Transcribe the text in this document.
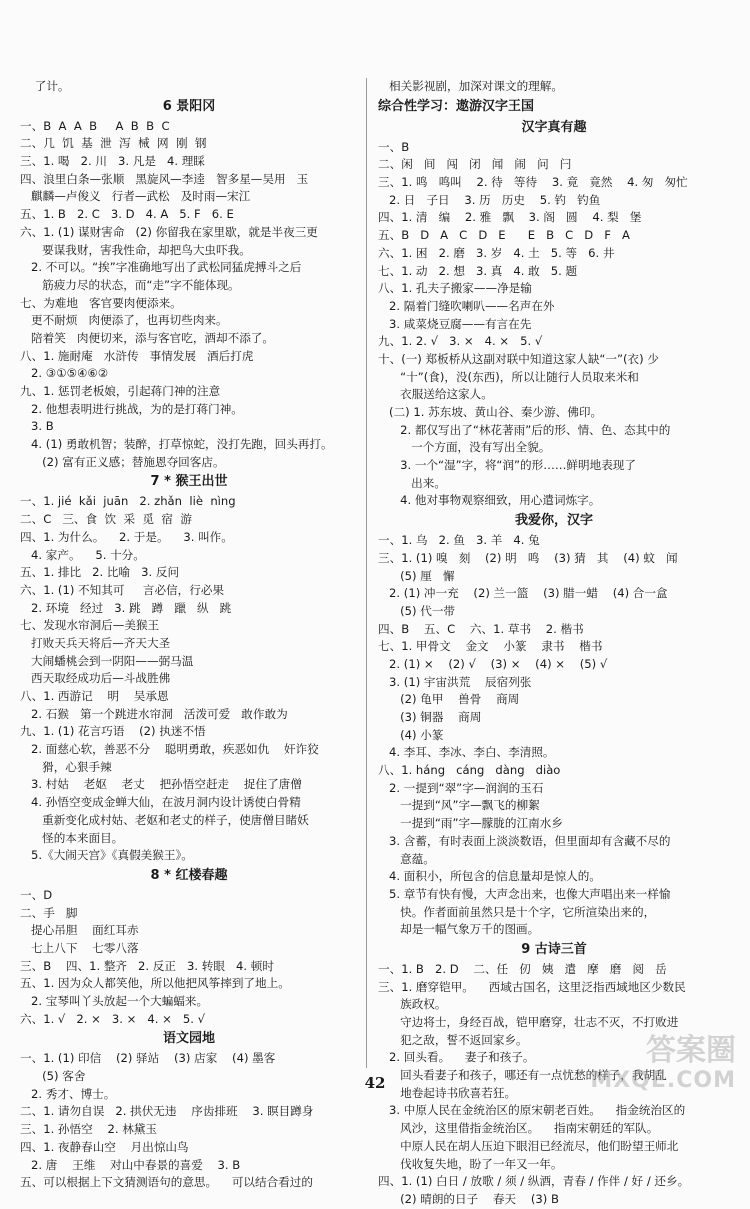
了计。
6 景阳冈
一、B  A  A  B     A  B  B  C
二、几  饥  基  泄  泻  械  网  刚  钢
三、1. 喝   2. 川   3. 凡是   4. 理睬
四、浪里白条—张顺   黑旋风—李逵   智多星—吴用   玉
麒麟—卢俊义   行者—武松   及时雨—宋江
五、1. B   2. C   3. D   4. A   5. F   6. E
六、1. (1) 谋财害命   (2) 你留我在家里歇，就是半夜三更
要谋我财，害我性命，却把鸟大虫吓我。
2. 不可以。“挨”字准确地写出了武松同猛虎搏斗之后
筋疲力尽的状态，而“走”字不能体现。
七、为难地   客官要肉便添来。
更不耐烦   肉便添了，也再切些肉来。
陪着笑   肉便切来，添与客官吃，酒却不添了。
八、1. 施耐庵   水浒传   事情发展   酒后打虎
2. ③①⑤④⑥②
九、1. 惩罚老板娘，引起蒋门神的注意
2. 他想表明进行挑战，为的是打蒋门神。
3. B
4. (1) 勇敢机智；装醉，打草惊蛇，没打先跑，回头再打。
(2) 富有正义感；替施恩夺回客店。
7 * 猴王出世
一、1. jié  kǎi  juān   2. zhǎn  liè  nìng
二、C   三、食  饮  采  觅  宿  游
四、1. 为什么。    2. 于是。    3. 叫作。
4. 家产。    5. 十分。
五、1. 排比   2. 比喻   3. 反问
六、1. (1) 不知其可     言必信，行必果
2. 环境   经过   3. 跳   蹲   躐   纵   跳
七、发现水帘洞后—美猴王
打败天兵天将后—齐天大圣
大闹蟠桃会到一阴阳——弼马温
西天取经成功后—斗战胜佛
八、1. 西游记    明    吴承恩
2. 石猴   第一个跳进水帘洞   活泼可爱   敢作敢为
九、1. (1) 花言巧语    (2) 执迷不悟
2. 面慈心软，善恶不分    聪明勇敢，疾恶如仇    奸诈狡
猾，心狠手辣
3. 村姑    老妪    老丈    把孙悟空赶走    捉住了唐僧
4. 孙悟空变成金蝉大仙，在波月洞内设计诱使白骨精
重新变化成村姑、老妪和老丈的样子，使唐僧目睹妖
怪的本来面目。
5.《大闹天宫》《真假美猴王》。
8 * 红楼春趣
一、D
二、手   脚
提心吊胆    面红耳赤
七上八下    七零八落
三、B    四、1. 整齐   2. 反正   3. 转眼   4. 顿时
五、1. 因为众人都笑他，所以他把风筝摔到了地上。
2. 宝琴叫丫头放起一个大蝙蝠来。
六、1. √   2. ×   3. ×   4. ×   5. √
语文园地
一、1. (1) 印信    (2) 驿站    (3) 店家    (4) 墨客
(5) 客舍
2. 秀才、博士。
二、1. 请勿自误   2. 拱伏无违    序齿排班    3. 瞑目蹲身
三、1. 孙悟空    2. 林黛玉
四、1. 夜静春山空    月出惊山鸟
2. 唐    王维    对山中春景的喜爱    3. B
五、可以根据上下文猜测语句的意思。    可以结合看过的
相关影视剧，加深对课文的理解。
综合性学习：遨游汉字王国
汉字真有趣
一、B
二、闲   间   闯   闭   闻   闹   问   闩
三、1. 鸣   鸣叫    2. 待   等待    3. 竟   竟然    4. 匆   匆忙
2. 日   子日    3. 历   历史    5. 钓   钓鱼
四、1. 清   编    2. 雅   飘    3. 阁   圆    4. 梨   堡
五、B   D   A   C   D   E      E   B   C   D   F   A
六、1. 困   2. 磨   3. 岁   4. 土   5. 等   6. 井
七、1. 动   2. 想   3. 真   4. 敢   5. 题
八、1. 孔夫子搬家——净是输
2. 隔着门缝吹喇叭——名声在外
3. 咸菜烧豆腐——有言在先
九、1. 2. √   3. ×   4. ×   5. √
十、(一) 郑板桥从这副对联中知道这家人缺“一”(衣) 少
“十”(食)，没(东西)，所以让随行人员取来米和
衣服送给这家人。
(二) 1. 苏东坡、黄山谷、秦少游、佛印。
2. 都仅写出了“林花著雨”后的形、情、色、态其中的
一个方面，没有写出全貌。
3. 一个“湿”字，将“润”的形……鲜明地表现了
出来。
4. 他对事物观察细致，用心遣词炼字。
我爱你，汉字
一、1. 乌   2. 鱼   3. 羊   4. 兔
三、1. (1) 嗅   刻    (2) 明   鸣    (3) 猜   其    (4) 蚊   闻
(5) 厘   懈
2. (1) 冲一充    (2) 兰一篮    (3) 腊一蜡    (4) 合一盒
(5) 代一带
四、B    五、C    六、1. 草书    2. 楷书
七、1. 甲骨文    金文    小篆    隶书    楷书
2. (1) ×    (2) √    (3) ×    (4) ×    (5) √
3. (1) 宇宙洪荒    辰宿列张
(2) 龟甲    兽骨    商周
(3) 铜器    商周
(4) 小篆
4. 李耳、李冰、李白、李清照。
八、1. háng   cáng   dàng   diào
2. 一提到“翠”字—润润的玉石
一提到“风”字—飘飞的柳絮
一提到“雨”字—朦胧的江南水乡
3. 含蓄，有时表面上淡淡数语，但里面却有含藏不尽的
意蕴。
4. 面积小，所包含的信息量却是惊人的。
5. 章节有快有慢，大声念出来，也像大声唱出来一样愉
快。作者面前虽然只是十个字，它所渲染出来的，
却是一幅气象万千的图画。
9 古诗三首
一、1. B   2. D    二、任   仞   姨   遣   摩   磨   阅   岳
三、1. 磨穿铠甲。    西域古国名，这里泛指西域地区少数民
族政权。
守边将士，身经百战，铠甲磨穿，壮志不灭，不打败进
犯之敌，誓不返回家乡。
2. 回头看。    妻子和孩子。
回头看妻子和孩子，哪还有一点忧愁的样子，我胡乱
地卷起诗书欣喜若狂。
3. 中原人民在金统治区的原宋朝老百姓。    指金统治区的
风沙，这里借指金统治区。    指南宋朝廷的军队。
中原人民在胡人压迫下眼泪已经流尽，他们盼望王师北
伐收复失地，盼了一年又一年。
四、1. (1) 白日 / 放歌 / 须 / 纵酒，青春 / 作伴 / 好 / 还乡。
(2) 晴朗的日子    春天    (3) B
42
答案圈
MXQE.COM
